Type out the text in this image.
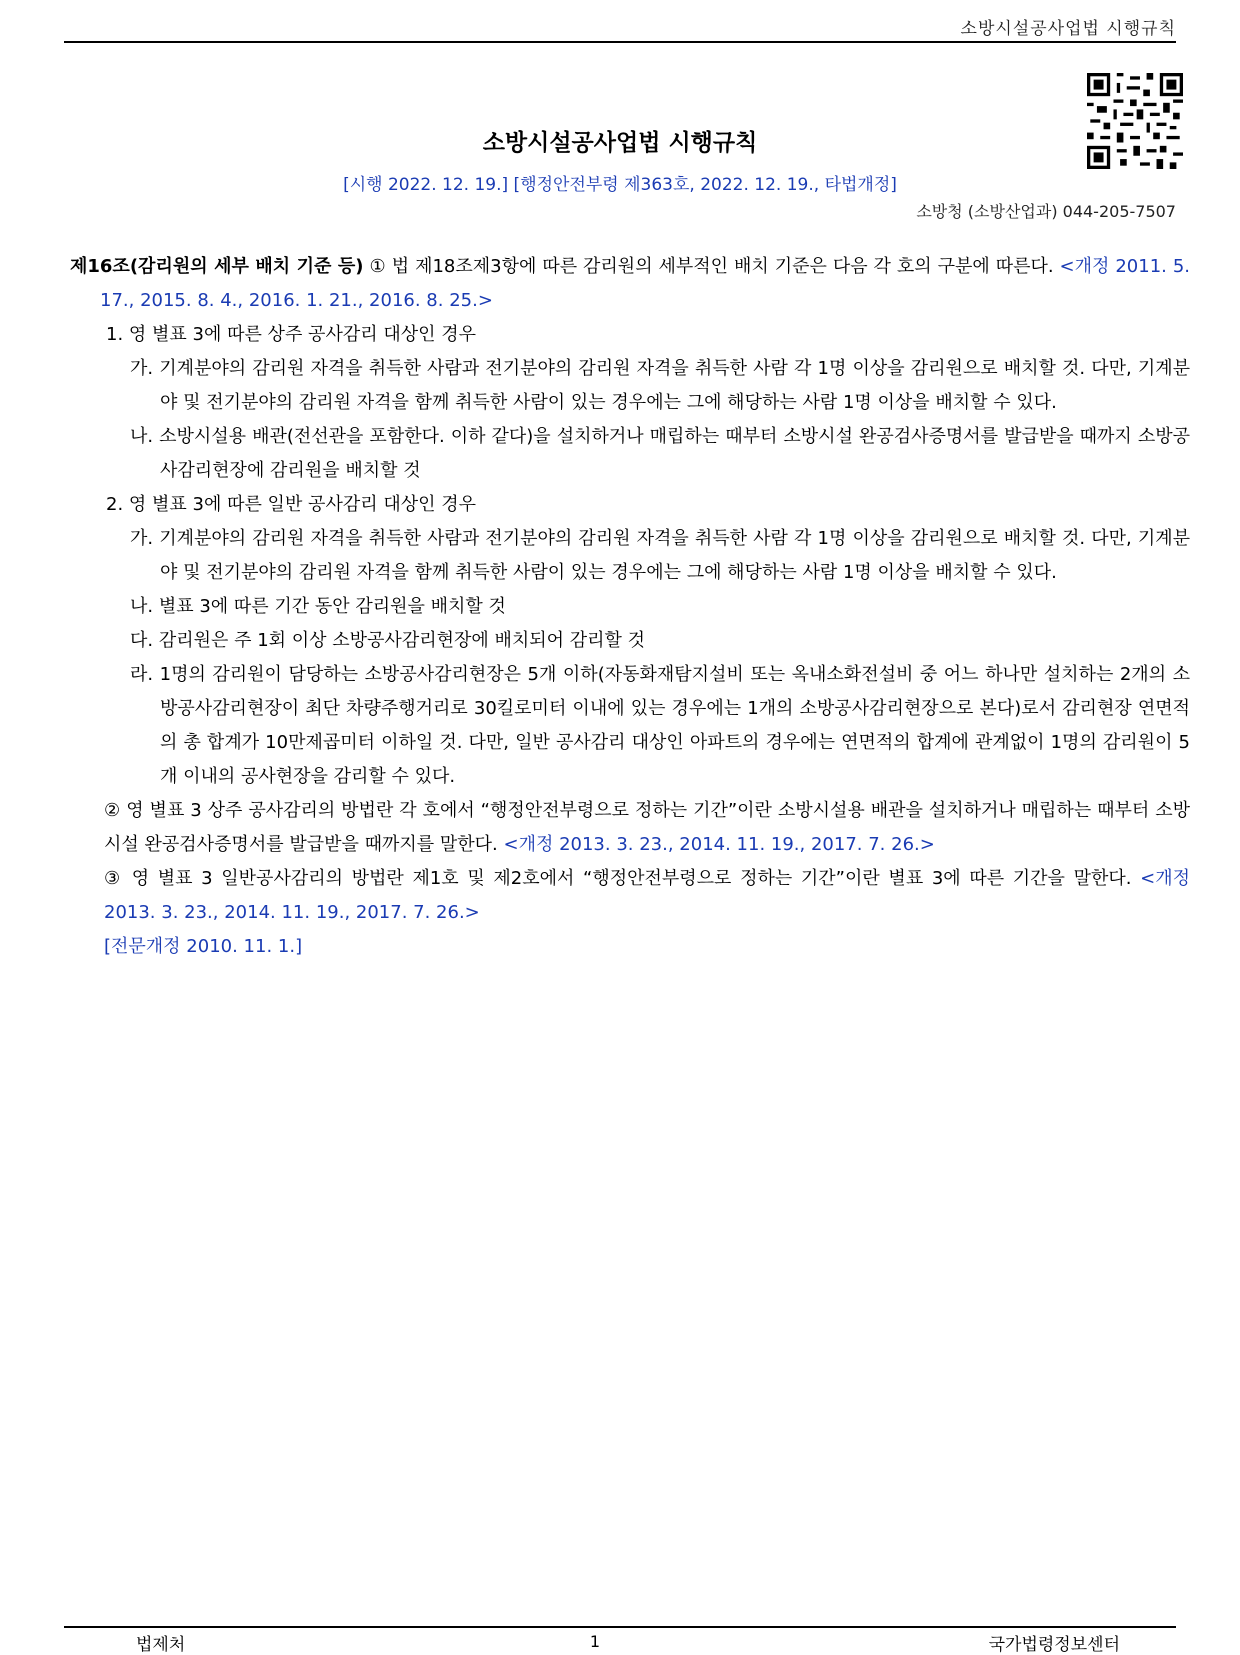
소방시설공사업법 시행규칙
소방시설공사업법 시행규칙
[시행 2022. 12. 19.] [행정안전부령 제363호, 2022. 12. 19., 타법개정]
소방청 (소방산업과) 044-205-7507
제16조(감리원의 세부 배치 기준 등) ① 법 제18조제3항에 따른 감리원의 세부적인 배치 기준은 다음 각 호의 구분에 따른다. <개정 2011. 5. 17., 2015. 8. 4., 2016. 1. 21., 2016. 8. 25.>
1. 영 별표 3에 따른 상주 공사감리 대상인 경우
가. 기계분야의 감리원 자격을 취득한 사람과 전기분야의 감리원 자격을 취득한 사람 각 1명 이상을 감리원으로 배치할 것. 다만, 기계분야 및 전기분야의 감리원 자격을 함께 취득한 사람이 있는 경우에는 그에 해당하는 사람 1명 이상을 배치할 수 있다.
나. 소방시설용 배관(전선관을 포함한다. 이하 같다)을 설치하거나 매립하는 때부터 소방시설 완공검사증명서를 발급받을 때까지 소방공사감리현장에 감리원을 배치할 것
2. 영 별표 3에 따른 일반 공사감리 대상인 경우
가. 기계분야의 감리원 자격을 취득한 사람과 전기분야의 감리원 자격을 취득한 사람 각 1명 이상을 감리원으로 배치할 것. 다만, 기계분야 및 전기분야의 감리원 자격을 함께 취득한 사람이 있는 경우에는 그에 해당하는 사람 1명 이상을 배치할 수 있다.
나. 별표 3에 따른 기간 동안 감리원을 배치할 것
다. 감리원은 주 1회 이상 소방공사감리현장에 배치되어 감리할 것
라. 1명의 감리원이 담당하는 소방공사감리현장은 5개 이하(자동화재탐지설비 또는 옥내소화전설비 중 어느 하나만 설치하는 2개의 소방공사감리현장이 최단 차량주행거리로 30킬로미터 이내에 있는 경우에는 1개의 소방공사감리현장으로 본다)로서 감리현장 연면적의 총 합계가 10만제곱미터 이하일 것. 다만, 일반 공사감리 대상인 아파트의 경우에는 연면적의 합계에 관계없이 1명의 감리원이 5개 이내의 공사현장을 감리할 수 있다.
② 영 별표 3 상주 공사감리의 방법란 각 호에서 “행정안전부령으로 정하는 기간”이란 소방시설용 배관을 설치하거나 매립하는 때부터 소방시설 완공검사증명서를 발급받을 때까지를 말한다. <개정 2013. 3. 23., 2014. 11. 19., 2017. 7. 26.>
③ 영 별표 3 일반공사감리의 방법란 제1호 및 제2호에서 “행정안전부령으로 정하는 기간”이란 별표 3에 따른 기간을 말한다. <개정 2013. 3. 23., 2014. 11. 19., 2017. 7. 26.>
[전문개정 2010. 11. 1.]
법제처	1	국가법령정보센터
